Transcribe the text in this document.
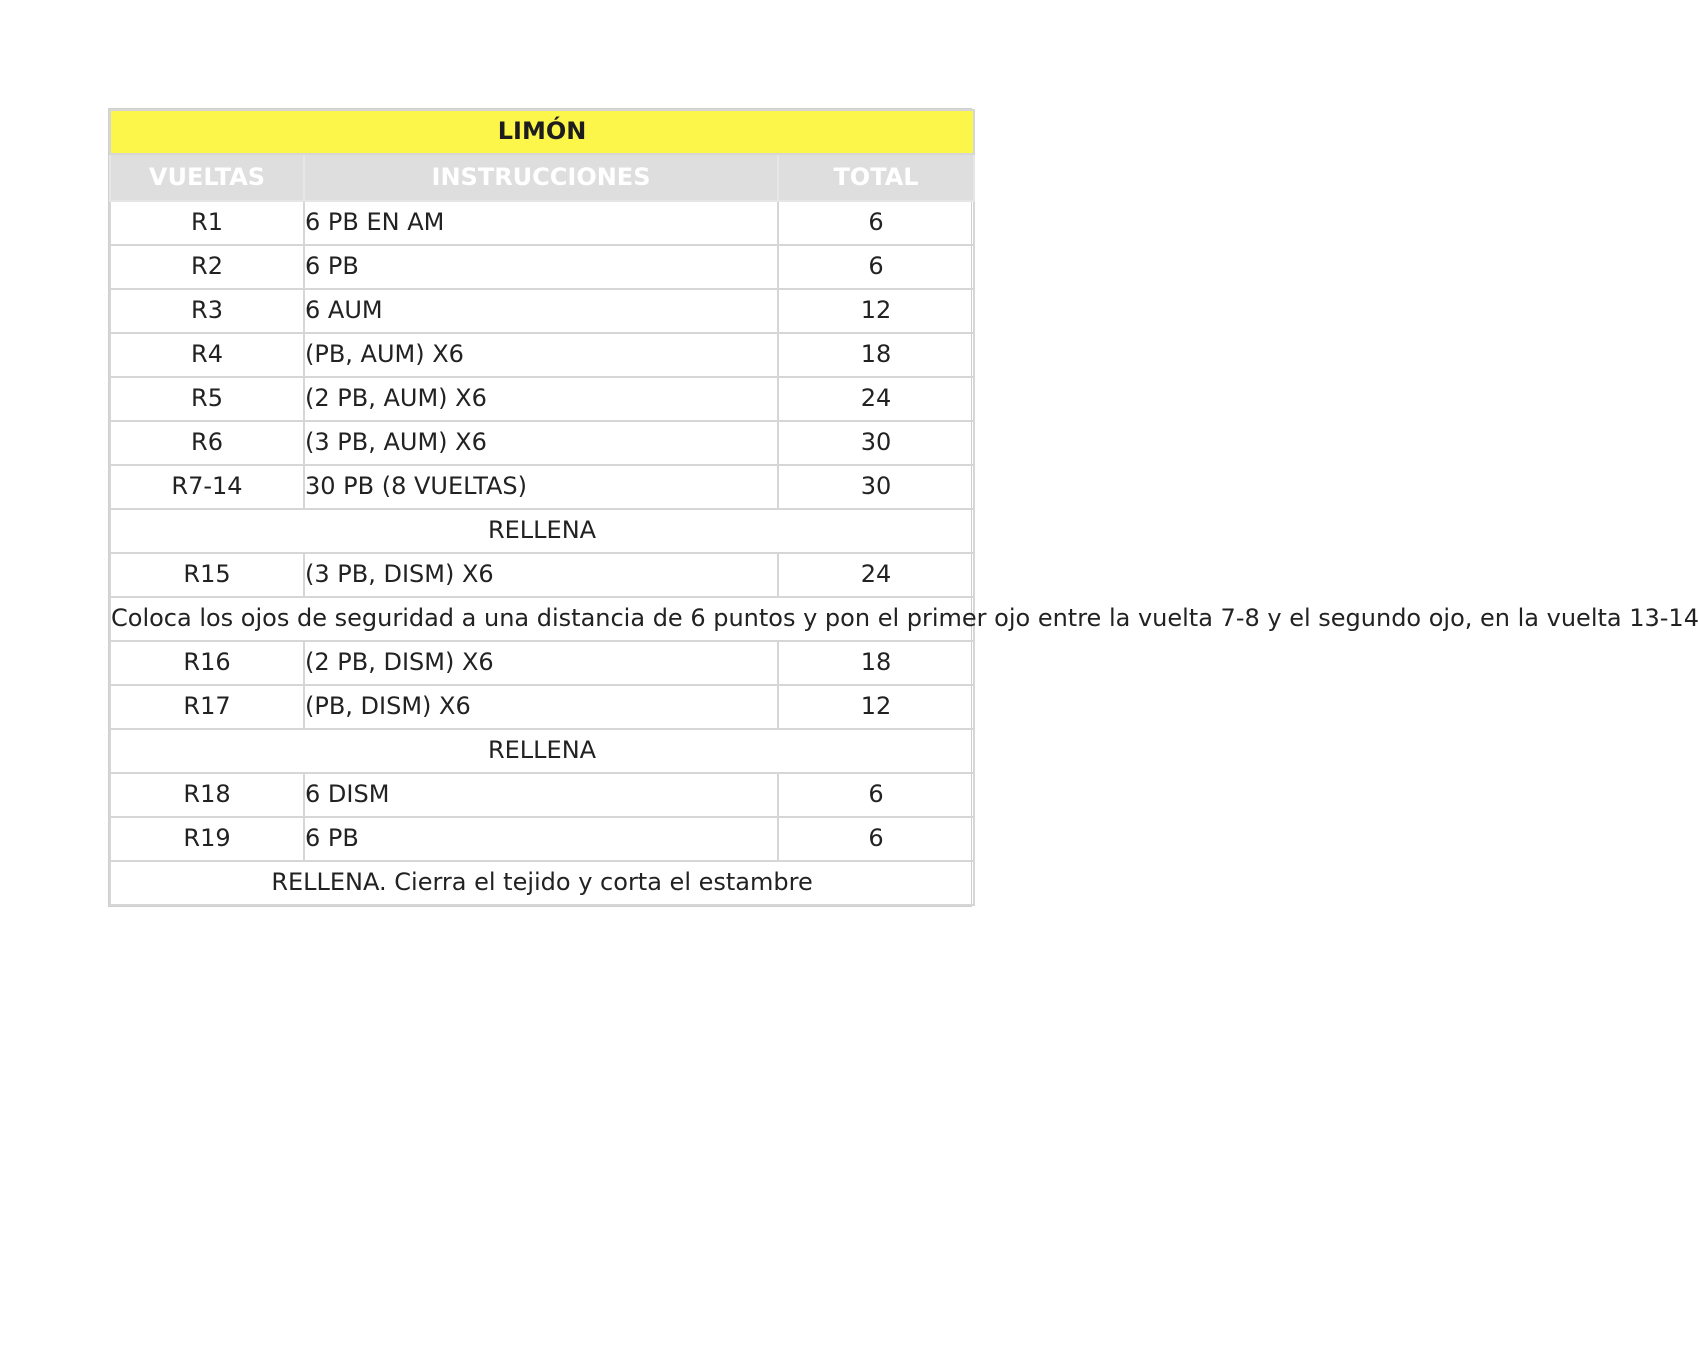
LIMÓN		
VUELTAS	INSTRUCCIONES	TOTAL
R1	6 PB EN AM	6
R2	6 PB	6
R3	6 AUM	12
R4	(PB, AUM) X6	18
R5	(2 PB, AUM) X6	24
R6	(3 PB, AUM) X6	30
R7-14	30 PB (8 VUELTAS)	30
RELLENA		
R15	(3 PB, DISM) X6	24
Coloca los ojos de seguridad a una distancia de 6 puntos y pon el primer ojo entre la vuelta 7-8 y el segundo ojo, en la vuelta 13-14		
R16	(2 PB, DISM) X6	18
R17	(PB, DISM) X6	12
RELLENA		
R18	6 DISM	6
R19	6 PB	6
RELLENA. Cierra el tejido y corta el estambre		
